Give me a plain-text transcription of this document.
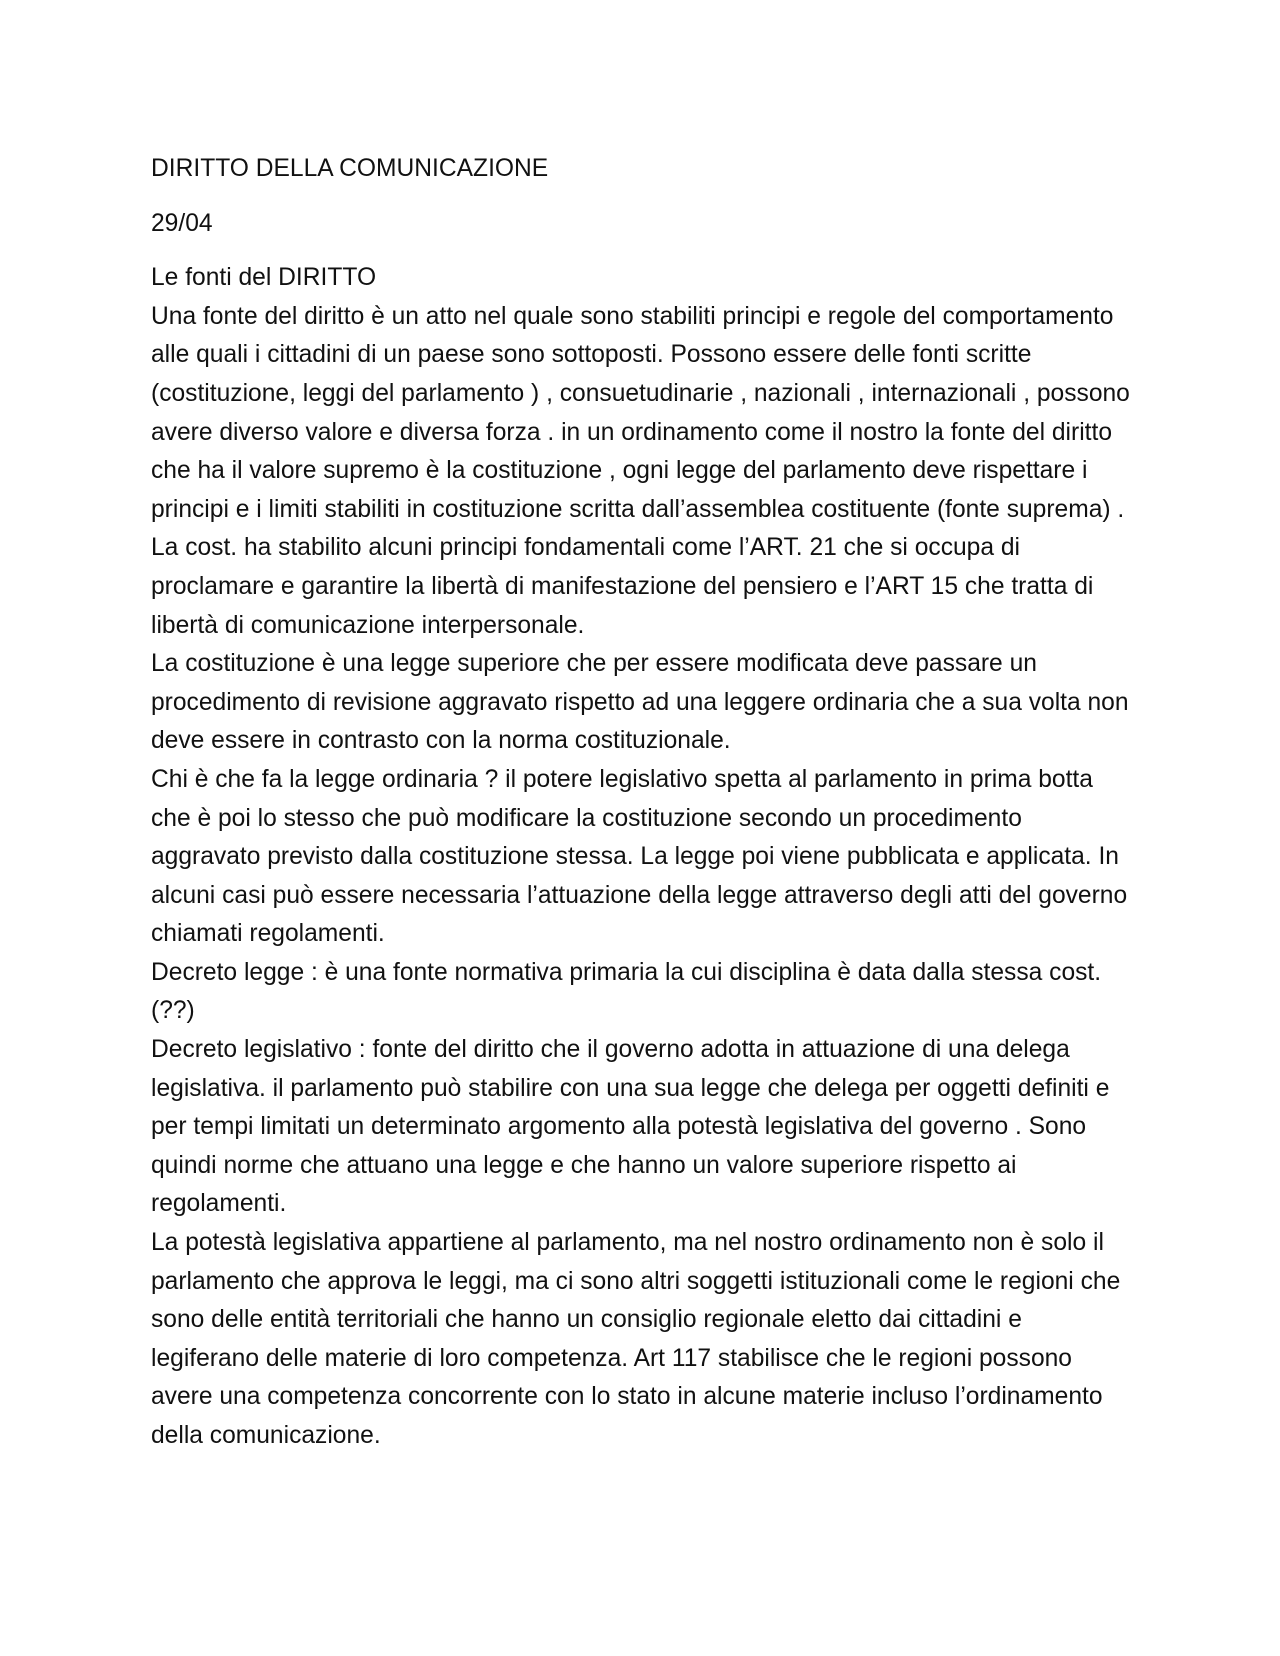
DIRITTO DELLA COMUNICAZIONE

29/04

Le fonti del DIRITTO

Una fonte del diritto è un atto nel quale sono stabiliti principi e regole del comportamento alle quali i cittadini di un paese sono sottoposti. Possono essere delle fonti scritte (costituzione, leggi del parlamento ) , consuetudinarie , nazionali , internazionali , possono avere diverso valore e diversa forza . in un ordinamento come il nostro la fonte del diritto che ha il valore supremo è la costituzione , ogni legge del parlamento deve rispettare i principi e i limiti stabiliti in costituzione scritta dall’assemblea costituente (fonte suprema) . La cost. ha stabilito alcuni principi fondamentali come l’ART. 21 che si occupa di proclamare e garantire la libertà di manifestazione del pensiero e l’ART 15 che tratta di libertà di comunicazione interpersonale.

La costituzione è una legge superiore che per essere modificata deve passare un procedimento di revisione aggravato rispetto ad una leggere ordinaria che a sua volta non deve essere in contrasto con la norma costituzionale.

Chi è che fa la legge ordinaria ? il potere legislativo spetta al parlamento in prima botta che è poi lo stesso che può modificare la costituzione secondo un procedimento aggravato previsto dalla costituzione stessa. La legge poi viene pubblicata e applicata. In alcuni casi può essere necessaria l’attuazione della legge attraverso degli atti del governo chiamati regolamenti.

Decreto legge : è una fonte normativa primaria la cui disciplina è data dalla stessa cost. (??)

Decreto legislativo : fonte del diritto che il governo adotta in attuazione di una delega legislativa. il parlamento può stabilire con una sua legge che delega per oggetti definiti e per tempi limitati un determinato argomento alla potestà legislativa del governo . Sono quindi norme che attuano una legge e che hanno un valore superiore rispetto ai regolamenti.

La potestà legislativa appartiene al parlamento, ma nel nostro ordinamento non è solo il parlamento che approva le leggi, ma ci sono altri soggetti istituzionali come le regioni che sono delle entità territoriali che hanno un consiglio regionale eletto dai cittadini e legiferano delle materie di loro competenza. Art 117 stabilisce che le regioni possono avere una competenza concorrente con lo stato in alcune materie incluso l’ordinamento della comunicazione.
